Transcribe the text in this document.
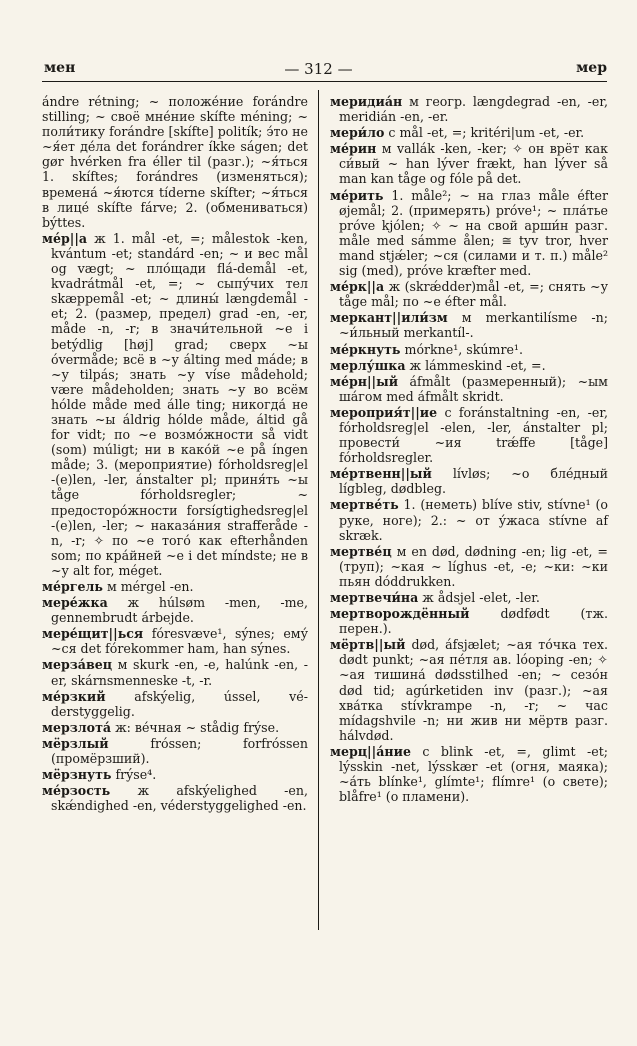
мен	— 312 —	мер

ándre rétning; ~ положе́ние forándre stilling; ~ своё мне́ние skífte méning; ~ поли́тику forándre [skífte] politík; э́то не ~я́ет де́ла det forándrer íkke ságen; det gør hvérken fra éller til (разг.); ~я́ться 1. skíftes; forándres (изменяться); времена́ ~я́ются tíderne skífter; ~я́ться в лице́ skífte fárve; 2. (обмениваться) býttes.

мéр||а ж 1. mål -et, =; målestok -ken, kvántum -et; standárd -en; ~ и вес mål og vægt; ~ пло́щади flá-demål -et, kvadrátmål -et, =; ~ сыпу́чих тел skæppemål -et; ~ длины́ længdemål -et; 2. (размер, предел) grad -en, -er, måde -n, -r; в значи́тельной ~е i betýdlig [høj] grad; сверх ~ы óvermåde; всё в ~у álting med máde; в ~у tilpás; знать ~у víse mådehold; være mådeholden; знать ~у во всём hólde måde med álle ting; никогда́ не знать ~ы áldrig hólde måde, áltid gå for vidt; по ~е возмо́жности så vidt (som) múligt; ни в како́й ~е på íngen måde; 3. (мероприятие) fórholdsreg|el -(e)len, -ler, ánstalter pl; приня́ть ~ы tåge fórholdsregler; ~ предосторо́жности forsígtighedsreg|el -(e)len, -ler; ~ наказа́ния strafferåde -n, -r; ✧ по ~е того́ как efterhånden som; по кра́йней ~е i det míndste; не в ~у alt for, méget.

ме́ргель м mérgel -en.

мере́жка ж húlsøm -men, -me, gennembrudt árbejde.

мере́щит||ься fóresvæve¹, sýnes; ему́ ~ся det fórekommer ham, han sýnes.

мерза́вец м skurk -en, -e, halúnk -en, -er, skárnsmenneske -t, -r.

ме́рзкий afskýelig, ússel, vé-derstyggelig.

мерзлота́ ж: ве́чная ~ stådig frýse.

мёрзлый	fróssen; forfróssen (промёрзший).

мёрзнуть frýse⁴.

ме́рзость ж afskýelighed -en, skǽndighed -en, véderstyggelighed -en.

меридиа́н м геогр. længdegrad -en, -er, meridián -en, -er.

мери́ло с mål -et, =; kritéri|um -et, -er.

ме́рин м vallák -ken, -ker; ✧ он врёт как си́вый ~ han lýver frækt, han lýver så man kan tåge og fóle på det.

ме́рить 1. måle²; ~ на глаз måle éfter øjemål; 2. (примерять) próve¹; ~ пла́тье próve kjólen; ✧ ~ на свой арши́н разг. måle med sámme ålen; ≅ tyv tror, hver mand stjǽler; ~ся (силами и т. п.) måle² sig (med), próve kræfter med.

ме́рк||а ж (skrǽdder)mål -et, =; снять ~у tåge mål; по ~е éfter mål.

меркант||или́зм м merkantilísme -n; ~и́льный merkantíl-.

ме́ркнуть mórkne¹, skúmre¹.

мерлу́шка ж lámmeskind -et, =.

ме́рн||ый áfmålt (размеренный); ~ым ша́гом med áfmålt skridt.

мероприя́т||ие с foránstaltning -en, -er, fórholdsreg|el -elen, -ler, ánstalter pl; провести́ ~ия trǽffe [tåge] fórholdsregler.

ме́ртвенн||ый lívløs; ~о бле́дный lígbleg, dødbleg.

мертве́ть 1. (неметь) blíve stiv, stívne¹ (о руке, ноге); 2.: ~ от у́жаса stívne af skræk.

мертве́ц м en død, dødning -en; lig -et, = (труп); ~кая ~ líghus -et, -e; ~ки: ~ки пьян dóddrukken.

мертвечи́на ж ådsjel -elet, -ler.

мертворождённый dødfødt (тж. перен.).

мёртв||ый død, áfsjælet; ~ая то́чка тех. dødt punkt; ~ая пе́тля ав. lóoping -en; ✧ ~ая тишина́ dødsstilhed -en; ~ сезо́н død tid; agúrketiden inv (разг.); ~ая хва́тка stívkrampe -n, -r; ~ час mídagshvile -n; ни жив ни мёртв разг. hálvdød.

мерц||а́ние с blink -et, =, glimt -et; lýsskin -net, lýsskær -et (огня, маяка); ~а́ть blínke¹, glímte¹; flímre¹ (о свете); blåfre¹ (о пламени).
